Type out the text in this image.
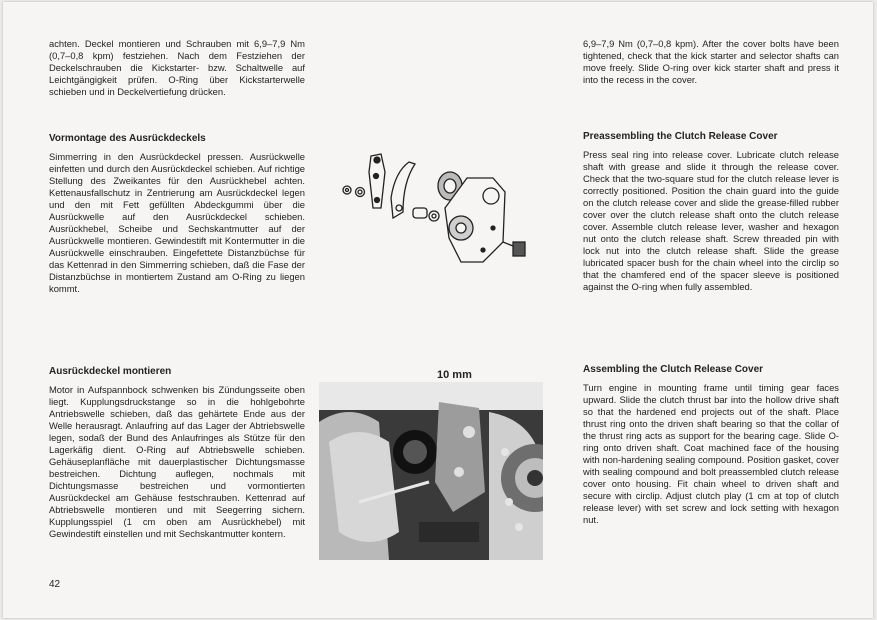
achten. Deckel montieren und Schrauben mit 6,9–7,9 Nm (0,7–0,8 kpm) festziehen. Nach dem Festziehen der Deckelschrauben die Kickstarter- bzw. Schaltwelle auf Leichtgängigkeit prüfen. O-Ring über Kickstarterwelle schieben und in Deckelvertiefung drücken.

Vormontage des Ausrückdeckels

Simmerring in den Ausrückdeckel pressen. Ausrückwelle einfetten und durch den Ausrückdeckel schieben. Auf richtige Stellung des Zweikantes für den Ausrückhebel achten. Kettenausfallschutz in Zentrierung am Ausrückdeckel legen und den mit Fett gefüllten Abdeckgummi über die Ausrückwelle auf den Ausrückdeckel schieben. Ausrückhebel, Scheibe und Sechskantmutter auf der Ausrückwelle montieren. Gewindestift mit Kontermutter in die Ausrückwelle einschrauben. Eingefettete Distanzbüchse für das Kettenrad in den Simmerring schieben, daß die Fase der Distanzbüchse in montiertem Zustand am O-Ring zu liegen kommt.

Ausrückdeckel montieren

Motor in Aufspannbock schwenken bis Zündungsseite oben liegt. Kupplungsdruckstange so in die hohlgebohrte Antriebswelle schieben, daß das gehärtete Ende aus der Welle herausragt. Anlaufring auf das Lager der Abtriebswelle legen, sodaß der Bund des Anlaufringes als Stütze für den Lagerkäfig dient. O-Ring auf Abtriebswelle schieben. Gehäuseplanfläche mit dauerplastischer Dichtungsmasse bestreichen. Dichtung auflegen, nochmals mit Dichtungsmasse bestreichen und vormontierten Ausrückdeckel am Gehäuse festschrauben. Kettenrad auf Abtriebswelle montieren und mit Seegerring sichern. Kupplungsspiel (1 cm oben am Ausrückhebel) mit Gewindestift einstellen und mit Sechskantmutter kontern.

6,9–7,9 Nm (0,7–0,8 kpm). After the cover bolts have been tightened, check that the kick starter and selector shafts can move freely. Slide O-ring over kick starter shaft and press it into the recess in the cover.

Preassembling the Clutch Release Cover

Press seal ring into release cover. Lubricate clutch release shaft with grease and slide it through the release cover. Check that the two-square stud for the clutch release lever is correctly positioned. Position the chain guard into the guide on the clutch release cover and slide the grease-filled rubber cover over the clutch release shaft onto the clutch release cover. Assemble clutch release lever, washer and hexagon nut onto the clutch release shaft. Screw threaded pin with lock nut into the clutch release shaft. Slide the grease lubricated spacer bush for the chain wheel into the circlip so that the chamfered end of the spacer sleeve is positioned against the O-ring when fully assembled.

Assembling the Clutch Release Cover

Turn engine in mounting frame until timing gear faces upward. Slide the clutch thrust bar into the hollow drive shaft so that the hardened end projects out of the shaft. Place thrust ring onto the driven shaft bearing so that the collar of the thrust ring acts as support for the bearing cage. Slide O-ring onto driven shaft. Coat machined face of the housing with non-hardening sealing compound. Position gasket, cover with sealing compound and bolt preassembled clutch release cover onto housing. Fit chain wheel to driven shaft and secure with circlip. Adjust clutch play (1 cm at top of clutch release lever) with set screw and lock setting with hexagon nut.

10 mm
42
